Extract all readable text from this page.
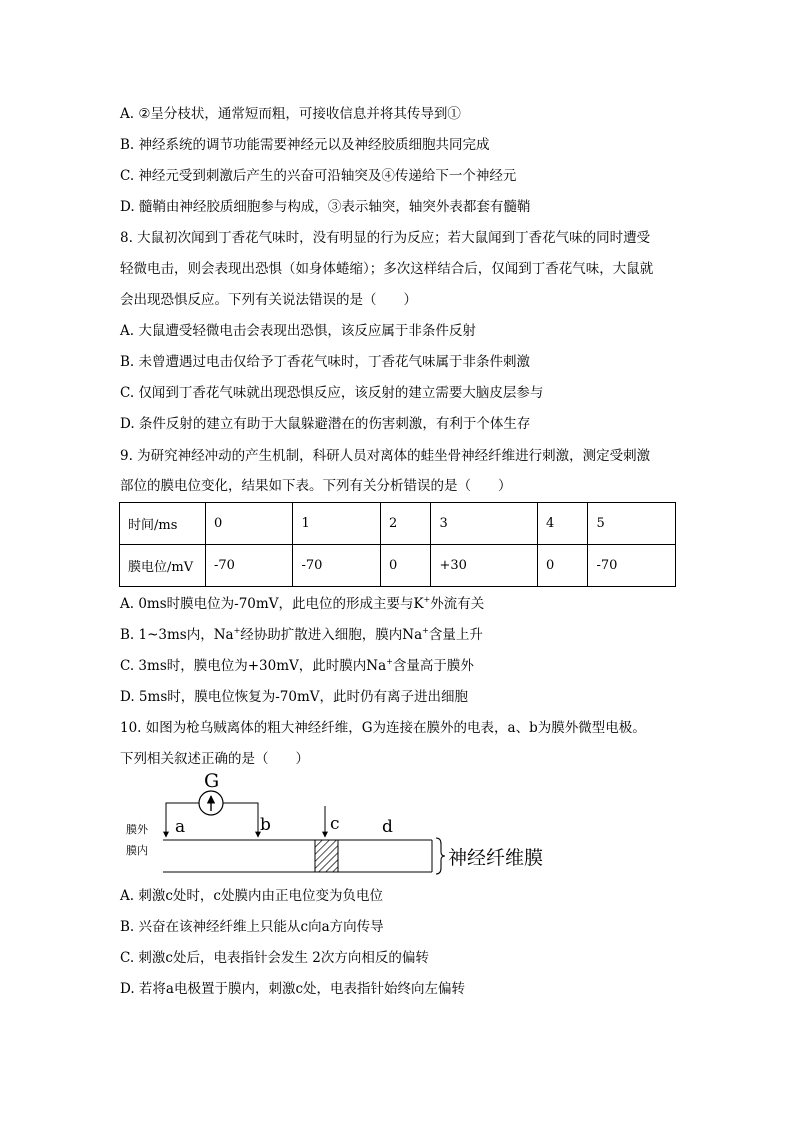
A. ②呈分枝状，通常短而粗，可接收信息并将其传导到①
B. 神经系统的调节功能需要神经元以及神经胶质细胞共同完成
C. 神经元受到刺激后产生的兴奋可沿轴突及④传递给下一个神经元
D. 髓鞘由神经胶质细胞参与构成，③表示轴突，轴突外表都套有髓鞘
8. 大鼠初次闻到丁香花气味时，没有明显的行为反应；若大鼠闻到丁香花气味的同时遭受
轻微电击，则会表现出恐惧（如身体蜷缩）；多次这样结合后，仅闻到丁香花气味，大鼠就
会出现恐惧反应。下列有关说法错误的是（　　）
A. 大鼠遭受轻微电击会表现出恐惧，该反应属于非条件反射
B. 未曾遭遇过电击仅给予丁香花气味时，丁香花气味属于非条件刺激
C. 仅闻到丁香花气味就出现恐惧反应，该反射的建立需要大脑皮层参与
D. 条件反射的建立有助于大鼠躲避潜在的伤害刺激，有利于个体生存
9. 为研究神经冲动的产生机制，科研人员对离体的蛙坐骨神经纤维进行刺激，测定受刺激
部位的膜电位变化，结果如下表。下列有关分析错误的是（　　）
时间/ms	0	1	2	3	4	5
膜电位/mV	-70	-70	0	+30	0	-70
A. 0ms时膜电位为-70mV，此电位的形成主要与K+外流有关
B. 1~3ms内，Na+经协助扩散进入细胞，膜内Na+含量上升
C. 3ms时，膜电位为+30mV，此时膜内Na+含量高于膜外
D. 5ms时，膜电位恢复为-70mV，此时仍有离子进出细胞
10. 如图为枪乌贼离体的粗大神经纤维，G为连接在膜外的电表，a、b为膜外微型电极。
下列相关叙述正确的是（　　）
G
膜外
膜内
a	b	c d
神经纤维膜
A. 刺激c处时，c处膜内由正电位变为负电位
B. 兴奋在该神经纤维上只能从c向a方向传导
C. 刺激c处后，电表指针会发生 2次方向相反的偏转
D. 若将a电极置于膜内，刺激c处，电表指针始终向左偏转
